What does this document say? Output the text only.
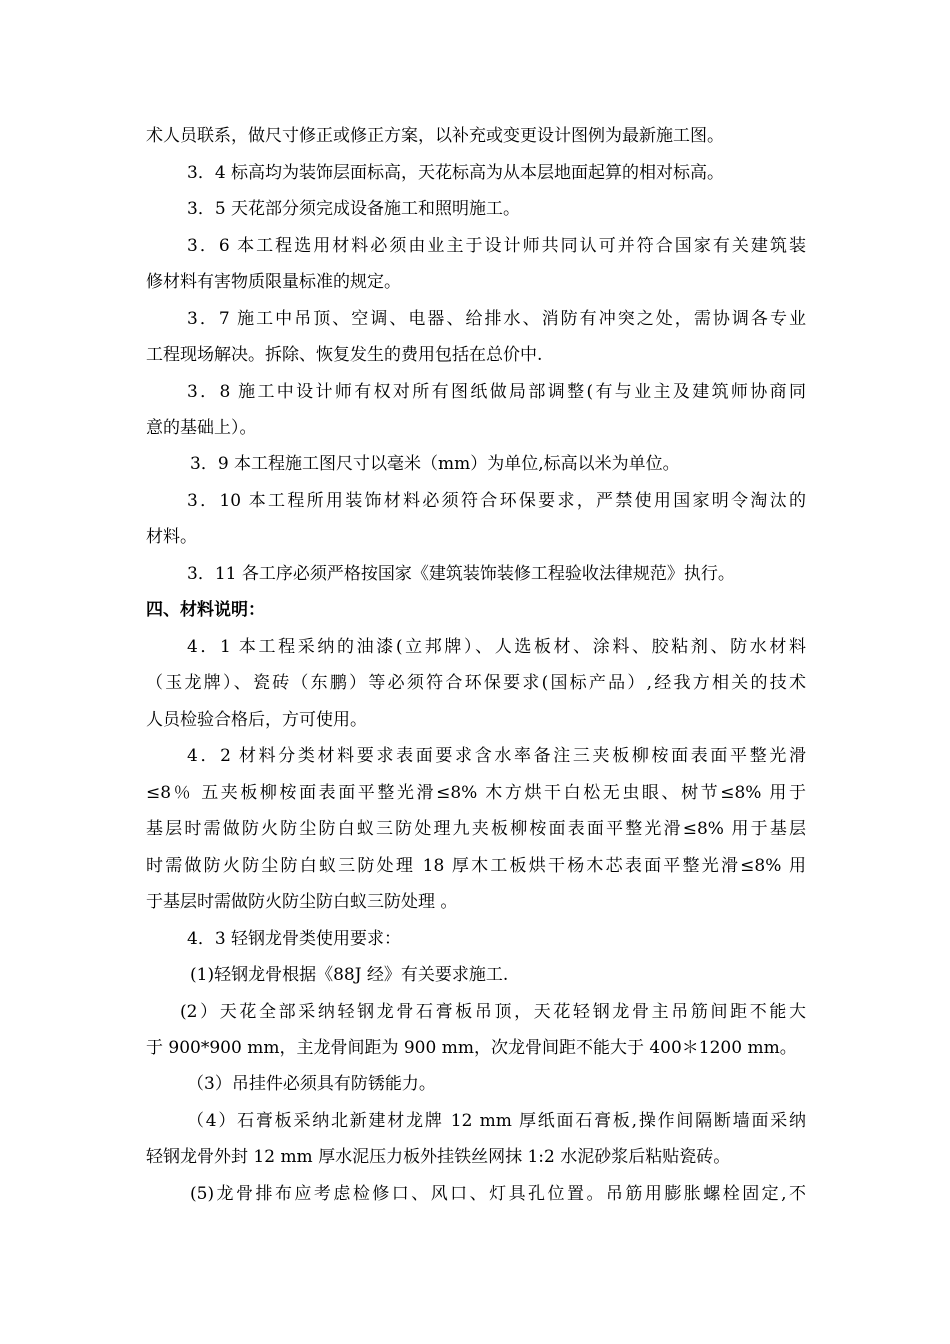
术人员联系，做尺寸修正或修正方案，以补充或变更设计图例为最新施工图。

3．4 标高均为装饰层面标高，天花标高为从本层地面起算的相对标高。

3．5 天花部分须完成设备施工和照明施工。

3．6 本工程选用材料必须由业主于设计师共同认可并符合国家有关建筑装

修材料有害物质限量标准的规定。

3．7 施工中吊顶、空调、电器、给排水、消防有冲突之处，需协调各专业

工程现场解决。拆除、恢复发生的费用包括在总价中.

3．8 施工中设计师有权对所有图纸做局部调整(有与业主及建筑师协商同

意的基础上）。

3．9 本工程施工图尺寸以毫米（mm）为单位,标高以米为单位。

3．10 本工程所用装饰材料必须符合环保要求，严禁使用国家明令淘汰的

材料。

3．11 各工序必须严格按国家《建筑装饰装修工程验收法律规范》执行。

四、材料说明：

4．1 本工程采纳的油漆(立邦牌）、人选板材、涂料、胶粘剂、防水材料

（玉龙牌）、瓷砖（东鹏）等必须符合环保要求(国标产品）,经我方相关的技术

人员检验合格后，方可使用。

4．2 材料分类材料要求表面要求含水率备注三夹板柳桉面表面平整光滑

≤8％ 五夹板柳桉面表面平整光滑≤8% 木方烘干白松无虫眼、树节≤8% 用于

基层时需做防火防尘防白蚁三防处理九夹板柳桉面表面平整光滑≤8% 用于基层

时需做防火防尘防白蚁三防处理 18 厚木工板烘干杨木芯表面平整光滑≤8% 用

于基层时需做防火防尘防白蚁三防处理 。

4．3 轻钢龙骨类使用要求：

(1)轻钢龙骨根据《88J 经》有关要求施工.

(2）天花全部采纳轻钢龙骨石膏板吊顶，天花轻钢龙骨主吊筋间距不能大

于 900*900 mm，主龙骨间距为 900 mm，次龙骨间距不能大于 400＊1200 mm。

（3）吊挂件必须具有防锈能力。

（4）石膏板采纳北新建材龙牌 12 mm 厚纸面石膏板,操作间隔断墙面采纳

轻钢龙骨外封 12 mm 厚水泥压力板外挂铁丝网抹 1:2 水泥砂浆后粘贴瓷砖。

(5)龙骨排布应考虑检修口、风口、灯具孔位置。吊筋用膨胀螺栓固定,不
